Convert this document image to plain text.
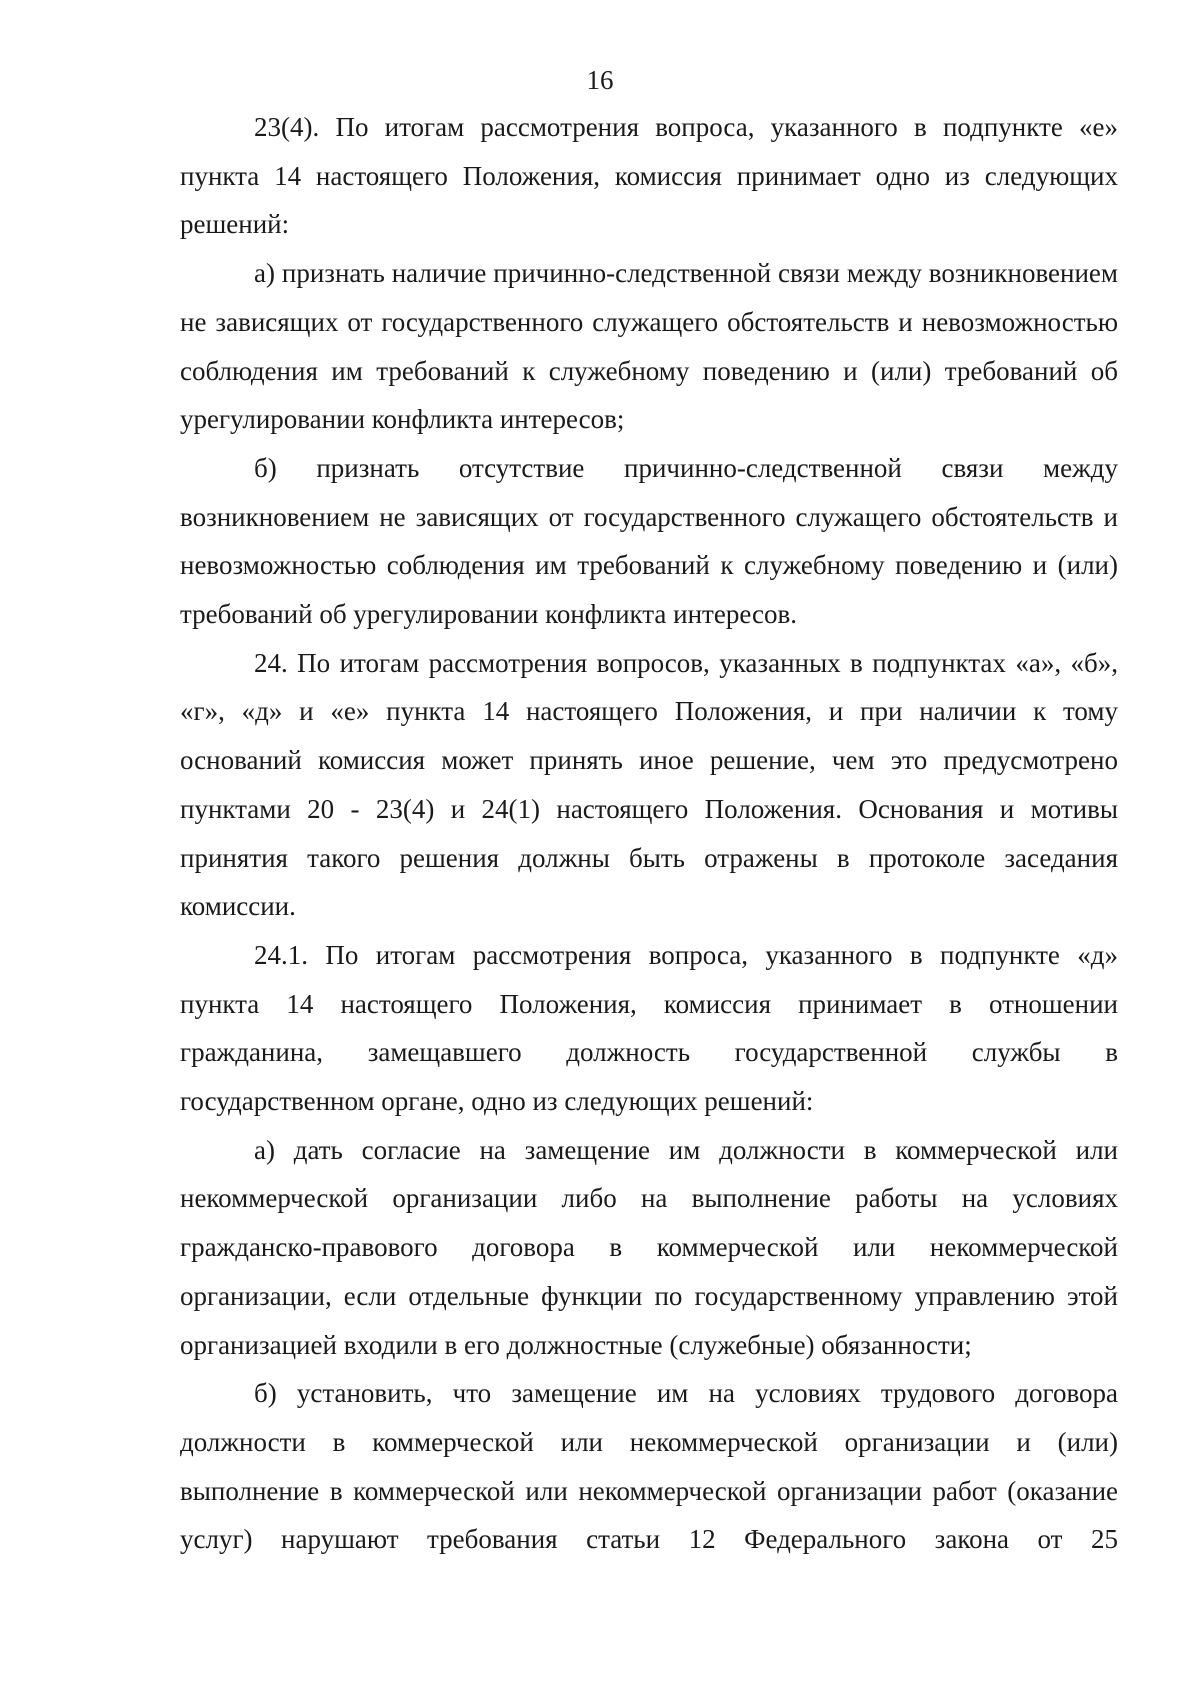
16

23(4). По итогам рассмотрения вопроса, указанного в подпункте «е» пункта 14 настоящего Положения, комиссия принимает одно из следующих решений:

а) признать наличие причинно-следственной связи между возникновением не зависящих от государственного служащего обстоятельств и невозможностью соблюдения им требований к служебному поведению и (или) требований об урегулировании конфликта интересов;

б) признать отсутствие причинно-следственной связи между возникновением не зависящих от государственного служащего обстоятельств и невозможностью соблюдения им требований к служебному поведению и (или) требований об урегулировании конфликта интересов.

24. По итогам рассмотрения вопросов, указанных в подпунктах «а», «б», «г», «д» и «е» пункта 14 настоящего Положения, и при наличии к тому оснований комиссия может принять иное решение, чем это предусмотрено пунктами 20 - 23(4) и 24(1) настоящего Положения. Основания и мотивы принятия такого решения должны быть отражены в протоколе заседания комиссии.

24.1. По итогам рассмотрения вопроса, указанного в подпункте «д» пункта 14 настоящего Положения, комиссия принимает в отношении гражданина, замещавшего должность государственной службы в государственном органе, одно из следующих решений:

а) дать согласие на замещение им должности в коммерческой или некоммерческой организации либо на выполнение работы на условиях гражданско-правового договора в коммерческой или некоммерческой организации, если отдельные функции по государственному управлению этой организацией входили в его должностные (служебные) обязанности;

б) установить, что замещение им на условиях трудового договора должности в коммерческой или некоммерческой организации и (или) выполнение в коммерческой или некоммерческой организации работ (оказание услуг) нарушают требования статьи 12 Федерального закона от 25
